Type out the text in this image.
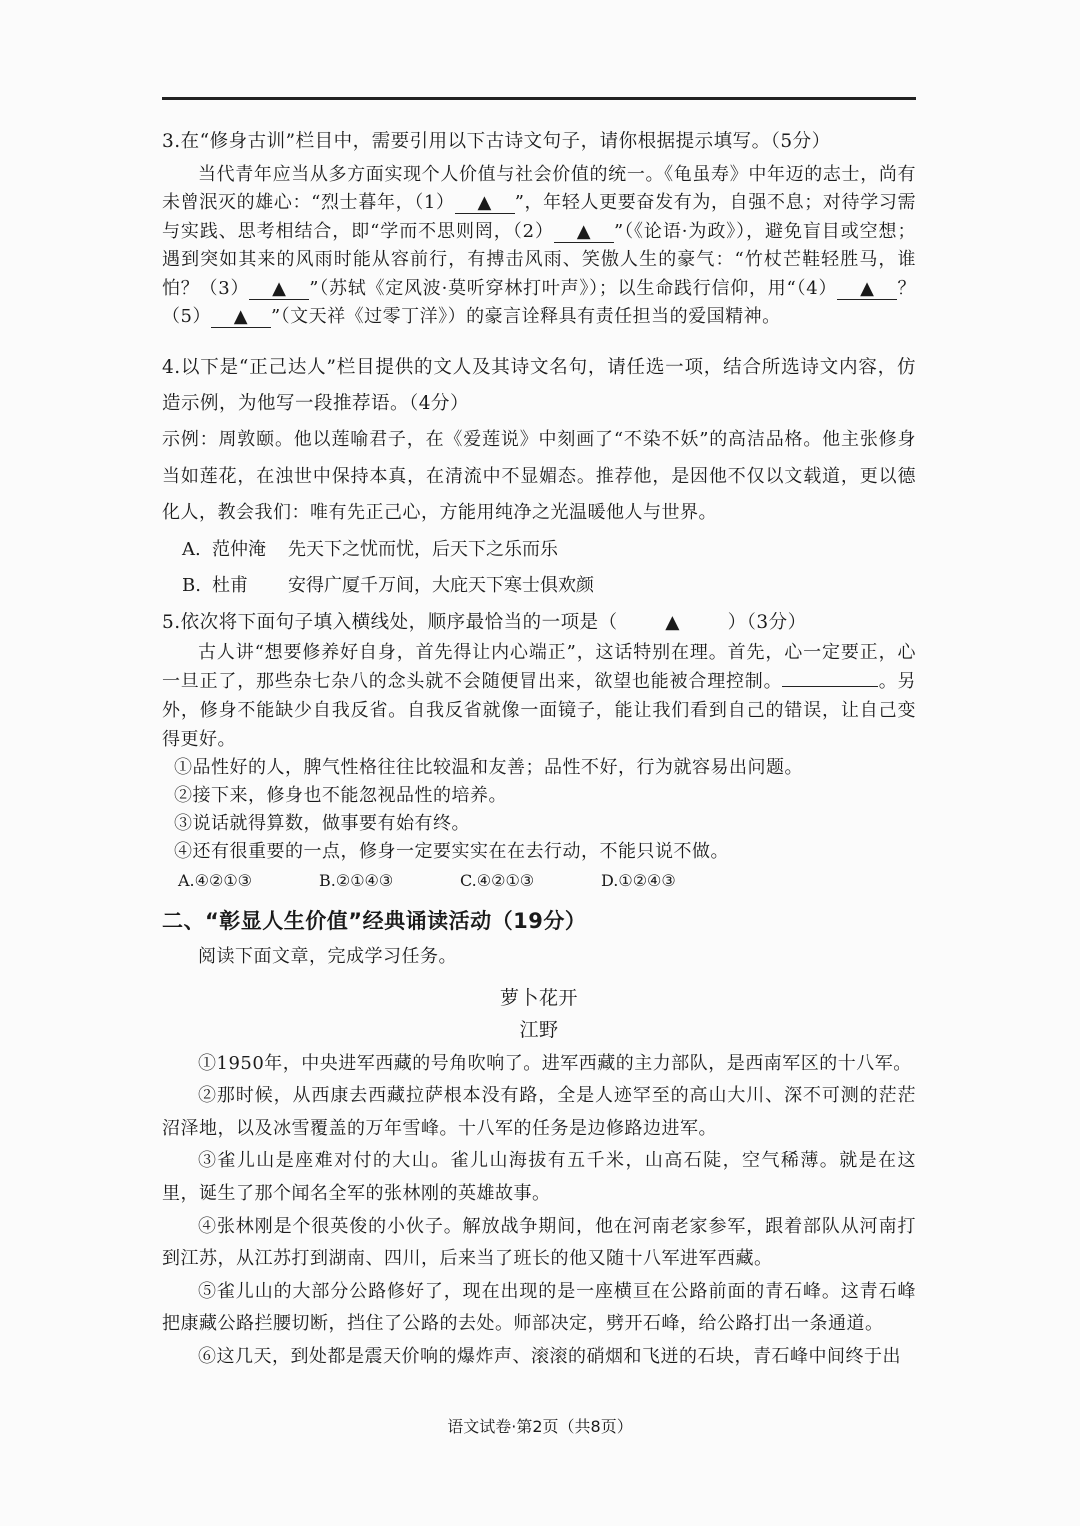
3.在“修身古训”栏目中，需要引用以下古诗文句子，请你根据提示填写。（5分）

当代青年应当从多方面实现个人价值与社会价值的统一。《龟虽寿》中年迈的志士，尚有未曾泯灭的雄心：“烈士暮年，（1） ▲ ”，年轻人更要奋发有为，自强不息；对待学习需与实践、思考相结合，即“学而不思则罔，（2） ▲ ”（《论语·为政》），避免盲目或空想；遇到突如其来的风雨时能从容前行，有搏击风雨、笑傲人生的豪气：“竹杖芒鞋轻胜马，谁怕？（3） ▲ ”（苏轼《定风波·莫听穿林打叶声》）；以生命践行信仰，用“（4） ▲ ？（5） ▲ ”（文天祥《过零丁洋》）的豪言诠释具有责任担当的爱国精神。

4.以下是“正己达人”栏目提供的文人及其诗文名句，请任选一项，结合所选诗文内容，仿造示例，为他写一段推荐语。（4分）

示例：周敦颐。他以莲喻君子，在《爱莲说》中刻画了“不染不妖”的高洁品格。他主张修身当如莲花，在浊世中保持本真，在清流中不显媚态。推荐他，是因他不仅以文载道，更以德化人，教会我们：唯有先正己心，方能用纯净之光温暖他人与世界。

A. 范仲淹	先天下之忧而忧，后天下之乐而乐
B. 杜甫	安得广厦千万间，大庇天下寒士俱欢颜

5.依次将下面句子填入横线处，顺序最恰当的一项是（	▲	）（3分）

古人讲“想要修养好自身，首先得让内心端正”，这话特别在理。首先，心一定要正，心一旦正了，那些杂七杂八的念头就不会随便冒出来，欲望也能被合理控制。	。另外，修身不能缺少自我反省。自我反省就像一面镜子，能让我们看到自己的错误，让自己变得更好。

①品性好的人，脾气性格往往比较温和友善；品性不好，行为就容易出问题。

②接下来，修身也不能忽视品性的培养。

③说话就得算数，做事要有始有终。

④还有很重要的一点，修身一定要实实在在去行动，不能只说不做。

A.④②①③	B.②①④③	C.④②①③	D.①②④③

二、“彰显人生价值”经典诵读活动（19分）

阅读下面文章，完成学习任务。

萝卜花开

江野

①1950年，中央进军西藏的号角吹响了。进军西藏的主力部队，是西南军区的十八军。

②那时候，从西康去西藏拉萨根本没有路，全是人迹罕至的高山大川、深不可测的茫茫沼泽地，以及冰雪覆盖的万年雪峰。十八军的任务是边修路边进军。

③雀儿山是座难对付的大山。雀儿山海拔有五千米，山高石陡，空气稀薄。就是在这里，诞生了那个闻名全军的张林刚的英雄故事。

④张林刚是个很英俊的小伙子。解放战争期间，他在河南老家参军，跟着部队从河南打到江苏，从江苏打到湖南、四川，后来当了班长的他又随十八军进军西藏。

⑤雀儿山的大部分公路修好了，现在出现的是一座横亘在公路前面的青石峰。这青石峰把康藏公路拦腰切断，挡住了公路的去处。师部决定，劈开石峰，给公路打出一条通道。

⑥这几天，到处都是震天价响的爆炸声、滚滚的硝烟和飞迸的石块，青石峰中间终于出

语文试卷·第2页（共8页）
